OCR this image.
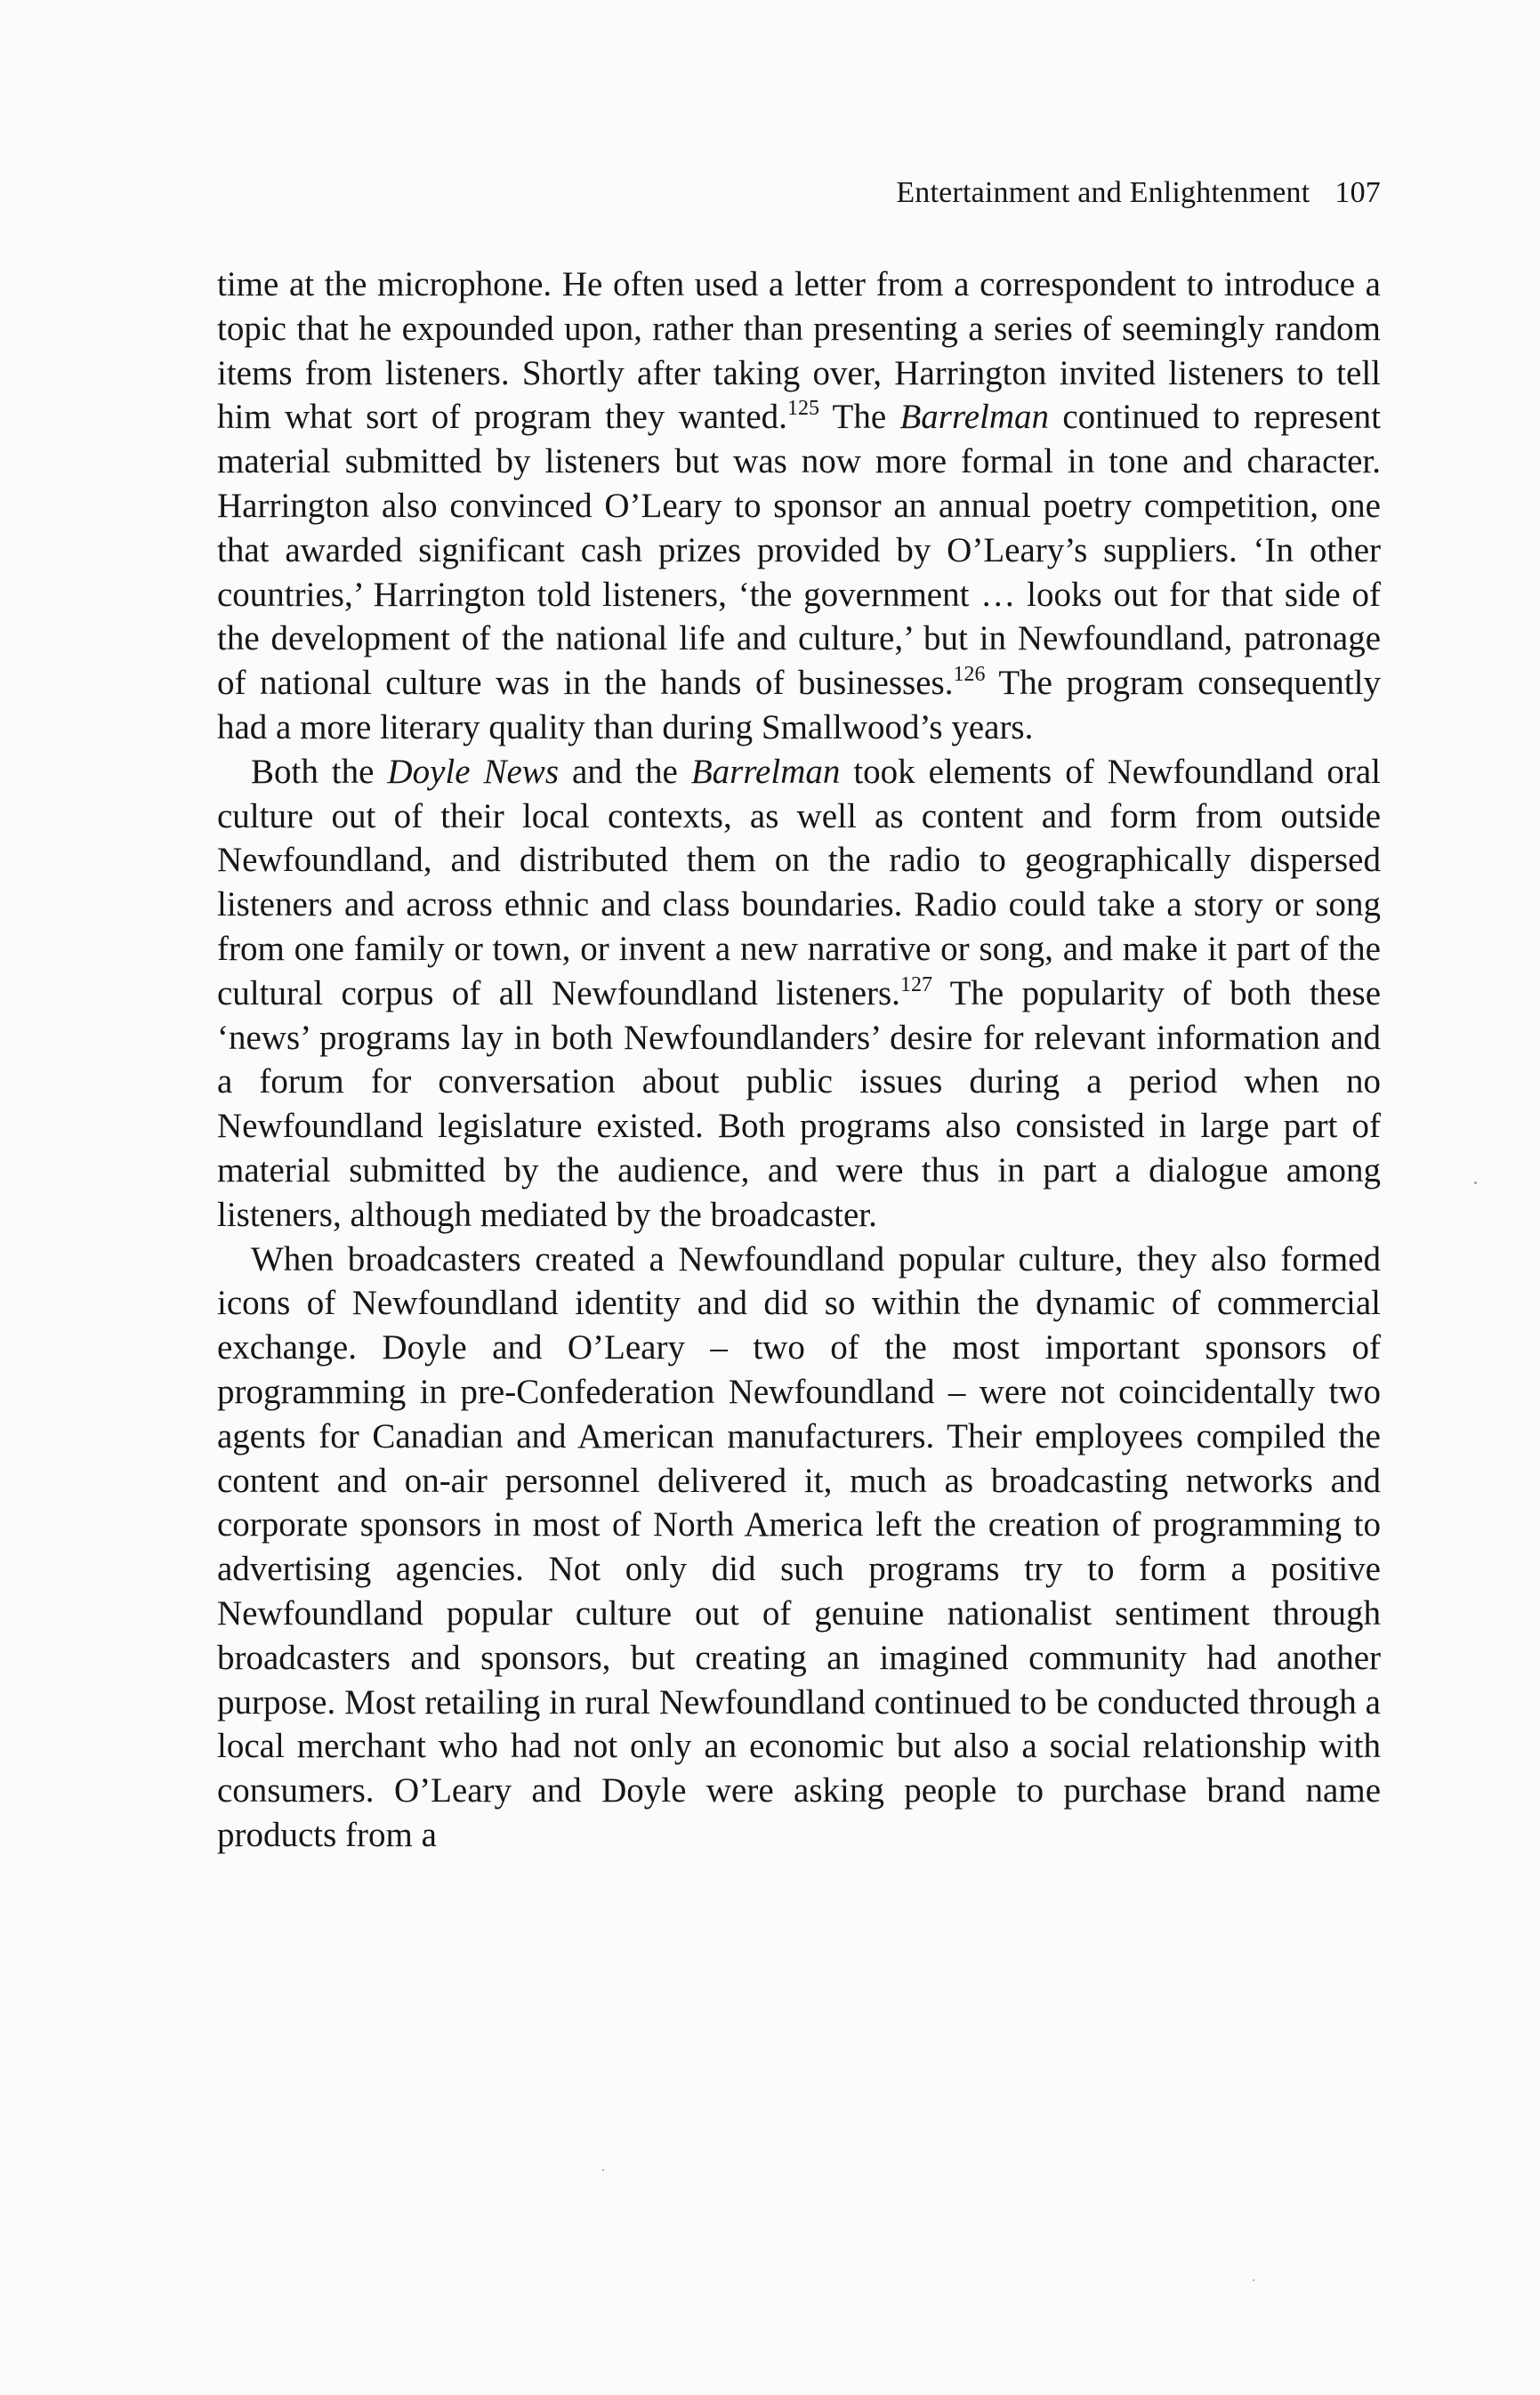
Entertainment and Enlightenment 107

time at the microphone. He often used a letter from a correspondent to introduce a topic that he expounded upon, rather than presenting a series of seemingly random items from listeners. Shortly after taking over, Harrington invited listeners to tell him what sort of program they wanted.$^{125}$ The Barrelman continued to represent material submitted by listeners but was now more formal in tone and character. Harrington also convinced O’Leary to sponsor an annual poetry competition, one that awarded significant cash prizes provided by O’Leary’s suppliers. ‘In other countries,’ Harrington told listeners, ‘the government … looks out for that side of the development of the national life and culture,’ but in Newfoundland, patronage of national culture was in the hands of businesses.$^{126}$ The program consequently had a more literary quality than during Smallwood’s years.

Both the Doyle News and the Barrelman took elements of Newfoundland oral culture out of their local contexts, as well as content and form from outside Newfoundland, and distributed them on the radio to geographically dispersed listeners and across ethnic and class boundaries. Radio could take a story or song from one family or town, or invent a new narrative or song, and make it part of the cultural corpus of all Newfoundland listeners.$^{127}$ The popularity of both these ‘news’ programs lay in both Newfoundlanders’ desire for relevant information and a forum for conversation about public issues during a period when no Newfoundland legislature existed. Both programs also consisted in large part of material submitted by the audience, and were thus in part a dialogue among listeners, although mediated by the broadcaster.

When broadcasters created a Newfoundland popular culture, they also formed icons of Newfoundland identity and did so within the dynamic of commercial exchange. Doyle and O’Leary – two of the most important sponsors of programming in pre-Confederation Newfoundland – were not coincidentally two agents for Canadian and American manufacturers. Their employees compiled the content and on-air personnel delivered it, much as broadcasting networks and corporate sponsors in most of North America left the creation of programming to advertising agencies. Not only did such programs try to form a positive Newfoundland popular culture out of genuine nationalist sentiment through broadcasters and sponsors, but creating an imagined community had another purpose. Most retailing in rural Newfoundland continued to be conducted through a local merchant who had not only an economic but also a social relationship with consumers. O’Leary and Doyle were asking people to purchase brand name products from a
